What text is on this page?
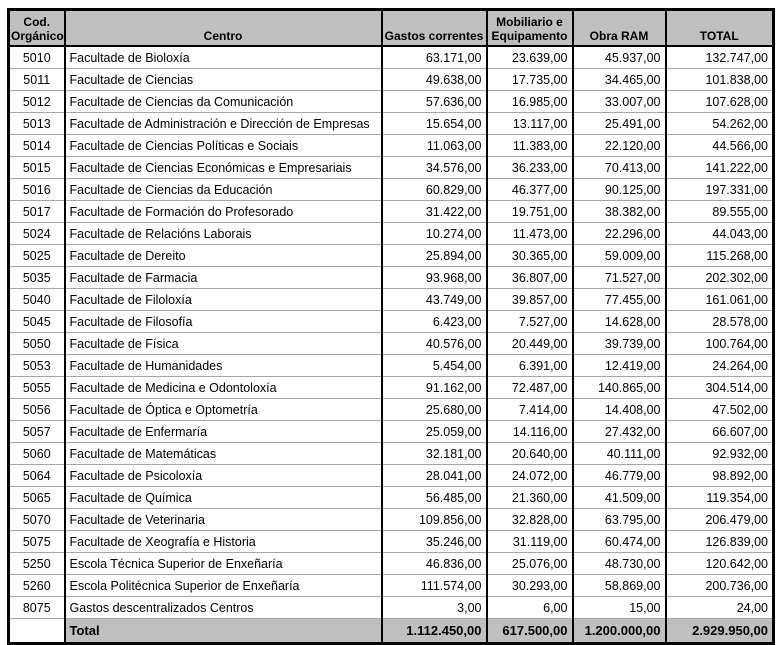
Cod. Orgánico	Centro	Gastos correntes	Mobiliario e Equipamento	Obra RAM	TOTAL
5010	Facultade de Bioloxía	63.171,00	23.639,00	45.937,00	132.747,00
5011	Facultade de Ciencias	49.638,00	17.735,00	34.465,00	101.838,00
5012	Facultade de Ciencias da Comunicación	57.636,00	16.985,00	33.007,00	107.628,00
5013	Facultade de Administración e Dirección de Empresas	15.654,00	13.117,00	25.491,00	54.262,00
5014	Facultade de Ciencias Políticas e Sociais	11.063,00	11.383,00	22.120,00	44.566,00
5015	Facultade de Ciencias Económicas e Empresariais	34.576,00	36.233,00	70.413,00	141.222,00
5016	Facultade de Ciencias da Educación	60.829,00	46.377,00	90.125,00	197.331,00
5017	Facultade de Formación do Profesorado	31.422,00	19.751,00	38.382,00	89.555,00
5024	Facultade de Relacións Laborais	10.274,00	11.473,00	22.296,00	44.043,00
5025	Facultade de Dereito	25.894,00	30.365,00	59.009,00	115.268,00
5035	Facultade de Farmacia	93.968,00	36.807,00	71.527,00	202.302,00
5040	Facultade de Filoloxía	43.749,00	39.857,00	77.455,00	161.061,00
5045	Facultade de Filosofía	6.423,00	7.527,00	14.628,00	28.578,00
5050	Facultade de Física	40.576,00	20.449,00	39.739,00	100.764,00
5053	Facultade de Humanidades	5.454,00	6.391,00	12.419,00	24.264,00
5055	Facultade de Medicina e Odontoloxía	91.162,00	72.487,00	140.865,00	304.514,00
5056	Facultade de Óptica e Optometría	25.680,00	7.414,00	14.408,00	47.502,00
5057	Facultade de Enfermaría	25.059,00	14.116,00	27.432,00	66.607,00
5060	Facultade de Matemáticas	32.181,00	20.640,00	40.111,00	92.932,00
5064	Facultade de Psicoloxía	28.041,00	24.072,00	46.779,00	98.892,00
5065	Facultade de Química	56.485,00	21.360,00	41.509,00	119.354,00
5070	Facultade de Veterinaria	109.856,00	32.828,00	63.795,00	206.479,00
5075	Facultade de Xeografía e Historia	35.246,00	31.119,00	60.474,00	126.839,00
5250	Escola Técnica Superior de Enxeñaría	46.836,00	25.076,00	48.730,00	120.642,00
5260	Escola Politécnica Superior de Enxeñaría	111.574,00	30.293,00	58.869,00	200.736,00
8075	Gastos descentralizados Centros	3,00	6,00	15,00	24,00
	Total	1.112.450,00	617.500,00	1.200.000,00	2.929.950,00
